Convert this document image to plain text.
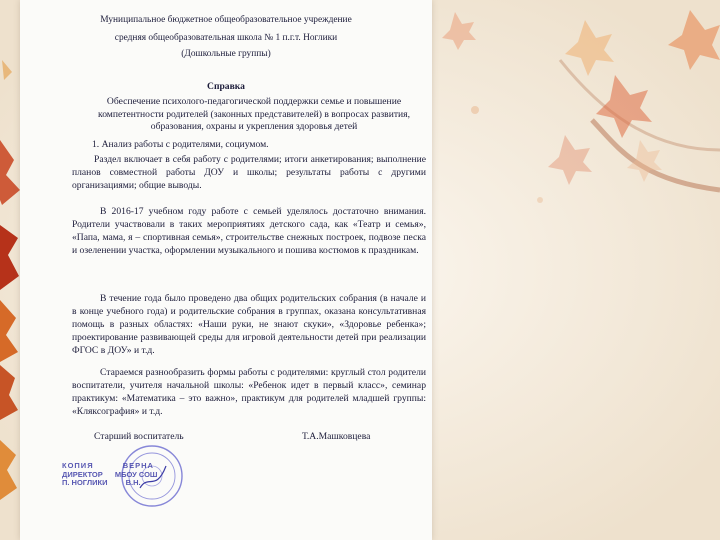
Муниципальное бюджетное общеобразовательное учреждение
средняя общеобразовательная школа № 1 п.г.т. Ноглики
(Дошкольные группы)
Справка
Обеспечение психолого-педагогической поддержки семье и повышение компетентности родителей (законных представителей) в вопросах развития, образования, охраны и укрепления здоровья детей
1. Анализ работы с родителями, социумом.
Раздел включает в себя работу с родителями; итоги анкетирования; выполнение планов совместной работы ДОУ и школы; результаты работы с другими организациями; общие выводы.
В 2016-17 учебном году работе с семьей уделялось достаточно внимания. Родители участвовали в таких мероприятиях детского сада, как «Театр и семья», «Папа, мама, я – спортивная семья», строительстве снежных построек, подвозе песка и озеленении участка, оформлении музыкального и пошива костюмов к праздникам.
В течение года было проведено два общих родительских собрания (в начале и в конце учебного года) и родительские собрания в группах, оказана консультативная помощь в разных областях: «Наши руки, не знают скуки», «Здоровье ребенка»; проектирование развивающей среды для игровой деятельности детей при реализации ФГОС в ДОУ» и т.д.
Стараемся разнообразить формы работы с родителями: круглый стол родители воспитатели, учителя начальной школы: «Ребенок идет в первый класс», семинар практикум: «Математика – это важно», практикум для родителей младшей группы: «Кляксография» и т.д.
Старший воспитатель	Т.А.Машковцева
КОПИЯ	ВЕРНА
ДИРЕКТОР МБОУ СОШ
П. НОГЛИКИ В.Н.
